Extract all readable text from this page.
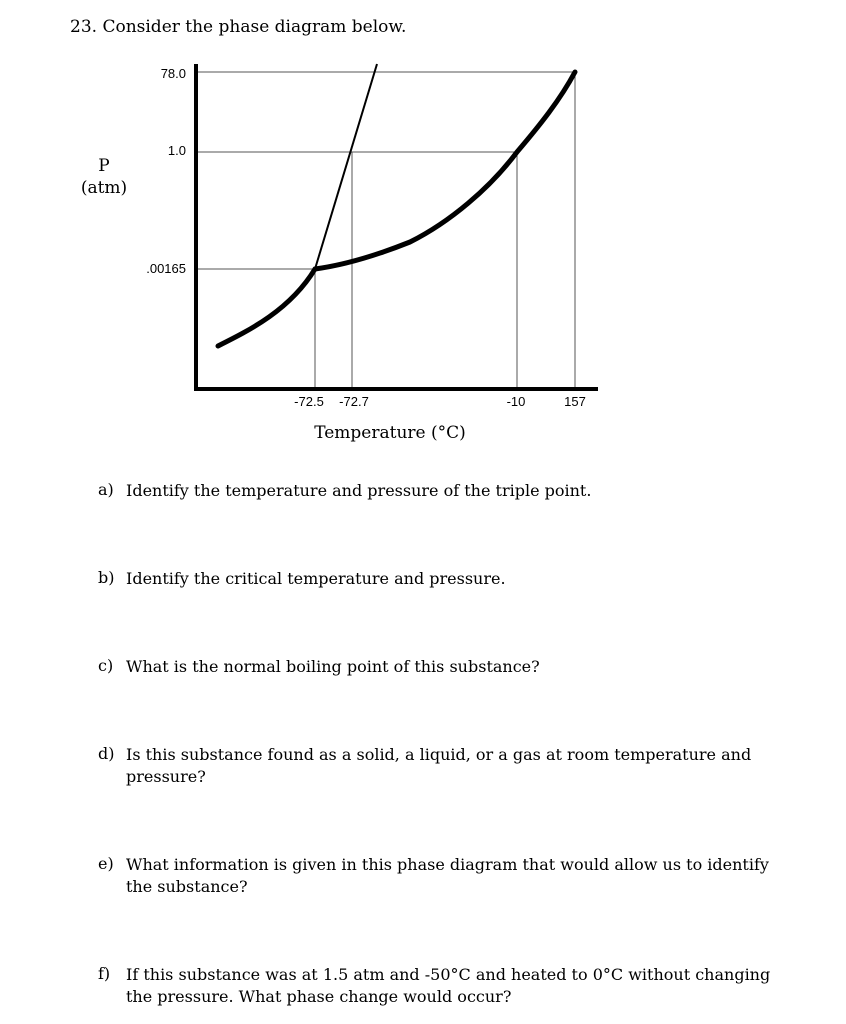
23. Consider the phase diagram below.
P
(atm)
Temperature (°C)
78.0
1.0
.00165
-72.5 -72.7	-10	157
a) Identify the temperature and pressure of the triple point.
b) Identify the critical temperature and pressure.
c) What is the normal boiling point of this substance?
d) Is this substance found as a solid, a liquid, or a gas at room temperature and pressure?
e) What information is given in this phase diagram that would allow us to identify the substance?
f) If this substance was at 1.5 atm and -50°C and heated to 0°C without changing the pressure. What phase change would occur?
